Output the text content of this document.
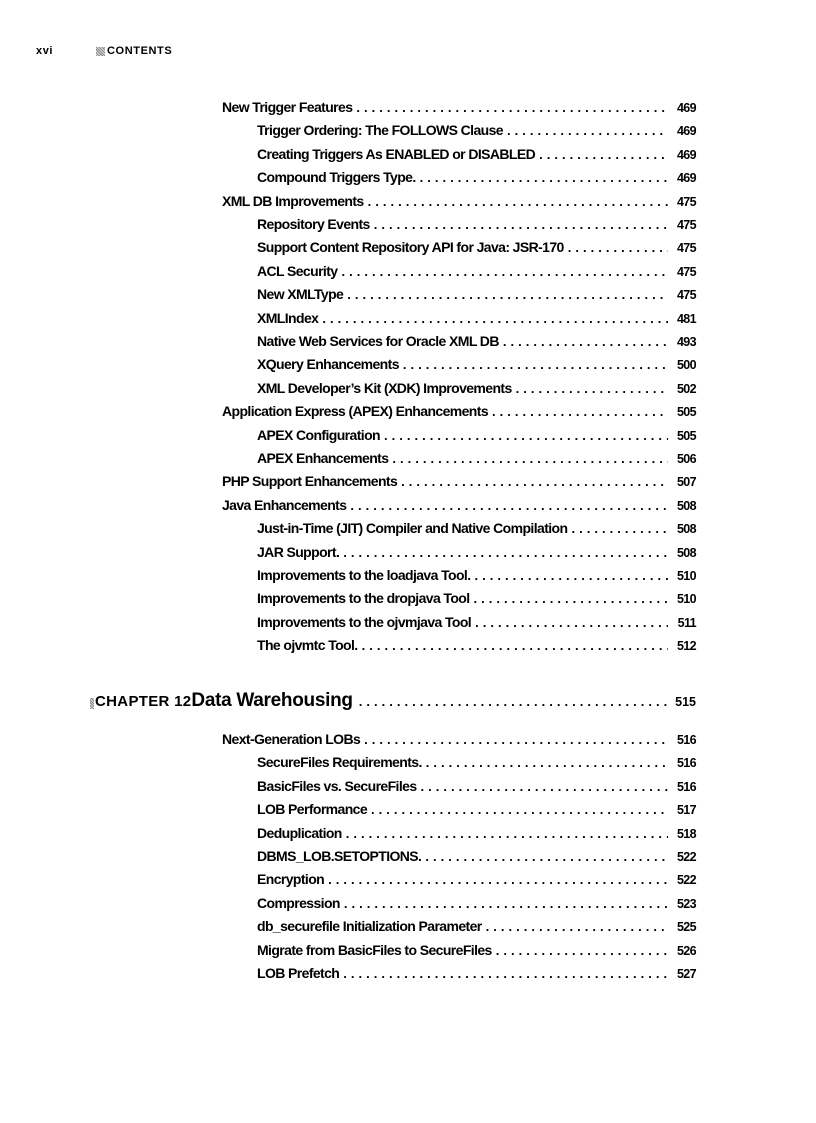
xvi	CONTENTS
New Trigger Features . . .	469
Trigger Ordering: The FOLLOWS Clause . . .	469
Creating Triggers As ENABLED or DISABLED . . .	469
Compound Triggers Type. . . .	469
XML DB Improvements . . .	475
Repository Events . . .	475
Support Content Repository API for Java: JSR-170 . . .	475
ACL Security . . .	475
New XMLType . . .	475
XMLIndex . . .	481
Native Web Services for Oracle XML DB . . .	493
XQuery Enhancements . . .	500
XML Developer’s Kit (XDK) Improvements . . .	502
Application Express (APEX) Enhancements . . .	505
APEX Configuration . . .	505
APEX Enhancements . . .	506
PHP Support Enhancements . . .	507
Java Enhancements . . .	508
Just-in-Time (JIT) Compiler and Native Compilation . . .	508
JAR Support. . . .	508
Improvements to the loadjava Tool. . . .	510
Improvements to the dropjava Tool . . .	510
Improvements to the ojvmjava Tool . . .	511
The ojvmtc Tool. . . .	512
CHAPTER 12 Data Warehousing . . .	515
Next-Generation LOBs . . .	516
SecureFiles Requirements. . . .	516
BasicFiles vs. SecureFiles . . .	516
LOB Performance . . .	517
Deduplication . . .	518
DBMS_LOB.SETOPTIONS. . . .	522
Encryption . . .	522
Compression . . .	523
db_securefile Initialization Parameter . . .	525
Migrate from BasicFiles to SecureFiles . . .	526
LOB Prefetch . . .	527
